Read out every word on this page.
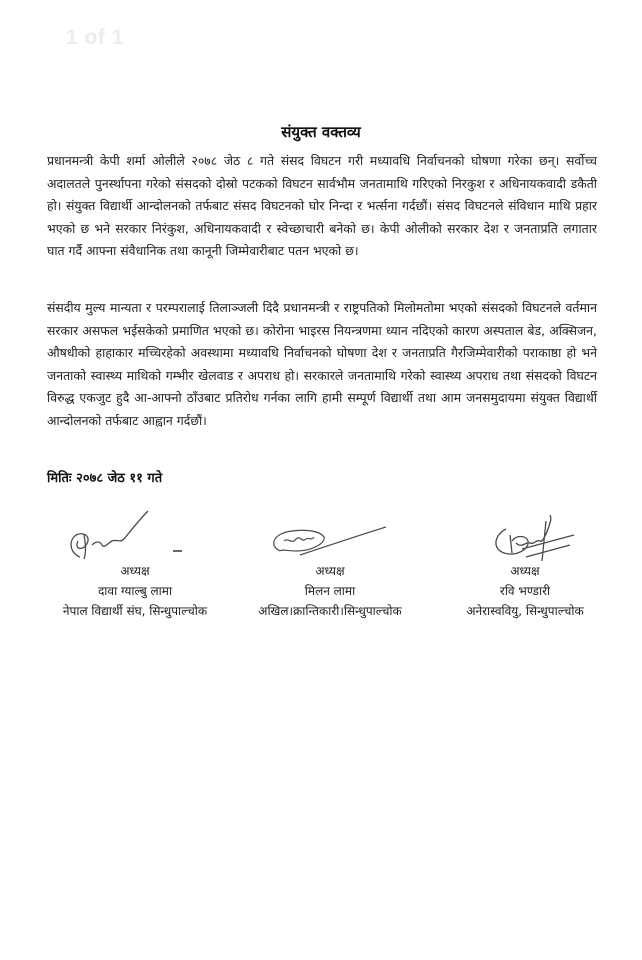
1 of 1
संयुक्त वक्तव्य

प्रधानमन्त्री केपी शर्मा ओलीले २०७८ जेठ ८ गते संसद विघटन गरी मध्यावधि निर्वाचनको घोषणा गरेका छन्। सर्वोच्च अदालतले पुनर्स्थापना गरेको संसदको दोस्रो पटकको विघटन सार्वभौम जनतामाथि गरिएको निरकुश र अधिनायकवादी डकैती हो। संयुक्त विद्यार्थी आन्दोलनको तर्फबाट संसद विघटनको घोर निन्दा र भर्त्सना गर्दछौं। संसद विघटनले संविधान माथि प्रहार भएको छ भने सरकार निरंकुश, अधिनायकवादी र स्वेच्छाचारी बनेको छ। केपी ओलीको सरकार देश र जनताप्रति लगातार घात गर्दै आफ्ना संवैधानिक तथा कानूनी जिम्मेवारीबाट पतन भएको छ।

संसदीय मुल्य मान्यता र परम्परालाई तिलाञ्जली दिदै प्रधानमन्त्री र राष्ट्रपतिको मिलोमतोमा भएको संसदको विघटनले वर्तमान सरकार असफल भईसकेको प्रमाणित भएको छ। कोरोना भाइरस नियन्त्रणमा ध्यान नदिएको कारण अस्पताल बेड, अक्सिजन, औषधीको हाहाकार मच्चिरहेको अवस्थामा मध्यावधि निर्वाचनको घोषणा देश र जनताप्रति गैरजिम्मेवारीको पराकाष्ठा हो भने जनताको स्वास्थ्य माथिको गम्भीर खेलवाड र अपराध हो। सरकारले जनतामाथि गरेको स्वास्थ्य अपराध तथा संसदको विघटन विरुद्ध एकजुट हुदै आ-आफ्नो ठाँउबाट प्रतिरोध गर्नका लागि हामी सम्पूर्ण विद्यार्थी तथा आम जनसमुदायमा संयुक्त विद्यार्थी आन्दोलनको तर्फबाट आह्वान गर्दछौं।

मितिः २०७८ जेठ ११ गते
अध्यक्ष
दावा ग्याल्बु लामा
नेपाल विद्यार्थी संघ, सिन्धुपाल्चोक
अध्यक्ष
मिलन लामा
अखिल।क्रान्तिकारी।सिन्धुपाल्चोक
अध्यक्ष
रवि भण्डारी
अनेरास्ववियु, सिन्धुपाल्चोक
